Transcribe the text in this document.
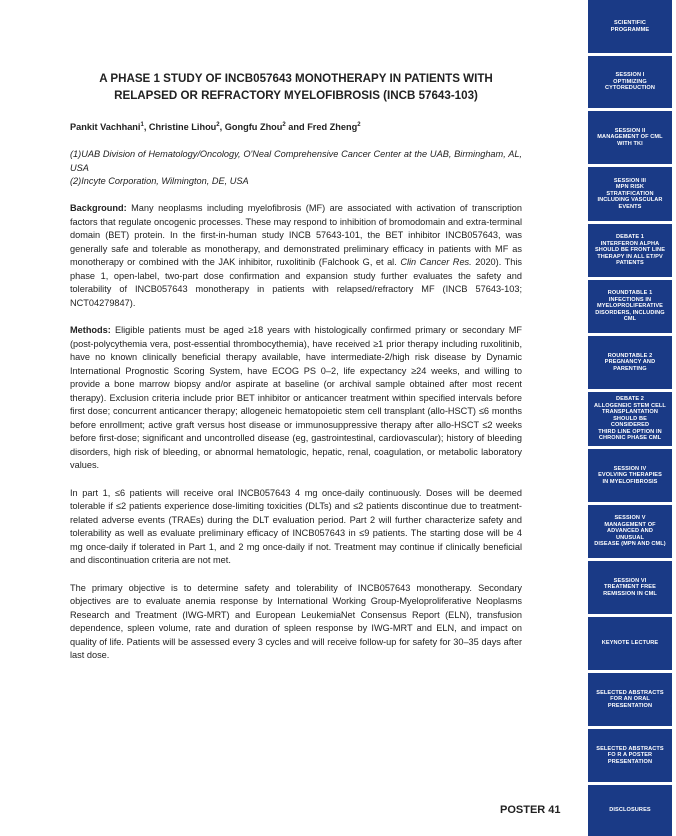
A PHASE 1 STUDY OF INCB057643 MONOTHERAPY IN PATIENTS WITH RELAPSED OR REFRACTORY MYELOFIBROSIS (INCB 57643-103)
Pankit Vachhani$^1$, Christine Lihou$^2$, Gongfu Zhou$^2$ and Fred Zheng$^2$
(1)UAB Division of Hematology/Oncology, O'Neal Comprehensive Cancer Center at the UAB, Birmingham, AL, USA
(2)Incyte Corporation, Wilmington, DE, USA

Background: Many neoplasms including myelofibrosis (MF) are associated with activation of transcription factors that regulate oncogenic processes. These may respond to inhibition of bromodomain and extra-terminal domain (BET) protein. In the first-in-human study INCB 57643-101, the BET inhibitor INCB057643, was generally safe and tolerable as monotherapy, and demonstrated preliminary efficacy in patients with MF as monotherapy or combined with the JAK inhibitor, ruxolitinib (Falchook G, et al. Clin Cancer Res. 2020). This phase 1, open-label, two-part dose confirmation and expansion study further evaluates the safety and tolerability of INCB057643 monotherapy in patients with relapsed/refractory MF (INCB 57643-103; NCT04279847).

Methods: Eligible patients must be aged ≥18 years with histologically confirmed primary or secondary MF (post-polycythemia vera, post-essential thrombocythemia), have received ≥1 prior therapy including ruxolitinib, have no known clinically beneficial therapy available, have intermediate-2/high risk disease by Dynamic International Prognostic Scoring System, have ECOG PS 0–2, life expectancy ≥24 weeks, and willing to provide a bone marrow biopsy and/or aspirate at baseline (or archival sample obtained after most recent therapy). Exclusion criteria include prior BET inhibitor or anticancer treatment within specified intervals before first dose; concurrent anticancer therapy; allogeneic hematopoietic stem cell transplant (allo-HSCT) ≤6 months before enrollment; active graft versus host disease or immunosuppressive therapy after allo-HSCT ≤2 weeks before first-dose; significant and uncontrolled disease (eg, gastrointestinal, cardiovascular); history of bleeding disorders, high risk of bleeding, or abnormal hematologic, hepatic, renal, coagulation, or metabolic laboratory values.

In part 1, ≤6 patients will receive oral INCB057643 4 mg once-daily continuously. Doses will be deemed tolerable if ≤2 patients experience dose-limiting toxicities (DLTs) and ≤2 patients discontinue due to treatment-related adverse events (TRAEs) during the DLT evaluation period. Part 2 will further characterize safety and tolerability as well as evaluate preliminary efficacy of INCB057643 in ≤9 patients. The starting dose will be 4 mg once-daily if tolerated in Part 1, and 2 mg once-daily if not. Treatment may continue if clinically beneficial and discontinuation criteria are not met.

The primary objective is to determine safety and tolerability of INCB057643 monotherapy. Secondary objectives are to evaluate anemia response by International Working Group-Myeloproliferative Neoplasms Research and Treatment (IWG-MRT) and European LeukemiaNet Consensus Report (ELN), transfusion dependence, spleen volume, rate and duration of spleen response by IWG-MRT and ELN, and impact on quality of life. Patients will be assessed every 3 cycles and will receive follow-up for safety for 30–35 days after last dose.

POSTER 41
SCIENTIFIC PROGRAMME
SESSION I
OPTIMIZING
CYTOREDUCTION
SESSION II
MANAGEMENT OF CML
WITH TKI
SESSION III
MPN RISK
STRATIFICATION
INCLUDING VASCULAR
EVENTS
DEBATE 1
INTERFERON ALPHA
SHOULD BE FRONT LINE
THERAPY IN ALL ET/PV
PATIENTS
ROUNDTABLE 1
INFECTIONS IN
MYELOPROLIFERATIVE
DISORDERS, INCLUDING
CML
ROUNDTABLE 2
PREGNANCY AND
PARENTING
DEBATE 2
ALLOGENEIC STEM CELL
TRANSPLANTATION
SHOULD BE CONSIDERED
THIRD LINE OPTION IN
CHRONIC PHASE CML
SESSION IV
EVOLVING THERAPIES
IN MYELOFIBROSIS
SESSION V
MANAGEMENT OF
ADVANCED AND UNUSUAL
DISEASE (MPN AND CML)
SESSION VI
TREATMENT FREE
REMISSION IN CML
KEYNOTE LECTURE
SELECTED ABSTRACTS
FOR AN ORAL
PRESENTATION
SELECTED ABSTRACTS
FO R A POSTER
PRESENTATION
DISCLOSURES
